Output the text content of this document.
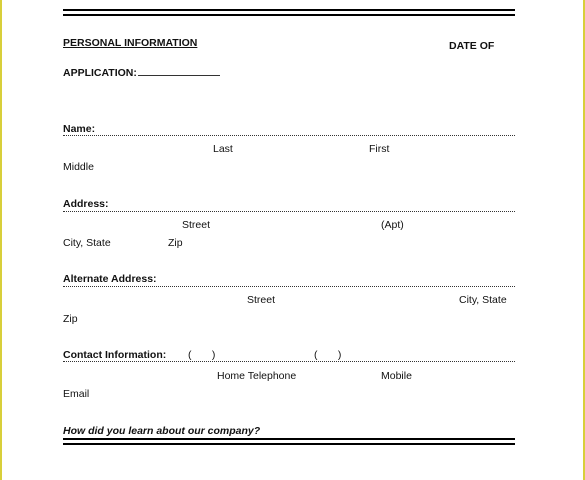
PERSONAL INFORMATION	DATE OF
APPLICATION:
Name:
Last	First
Middle
Address:
Street	(Apt)
City, State	Zip
Alternate Address:
Street	City, State
Zip
Contact Information: (       )	(       )
Home Telephone	Mobile
Email
How did you learn about our company?
